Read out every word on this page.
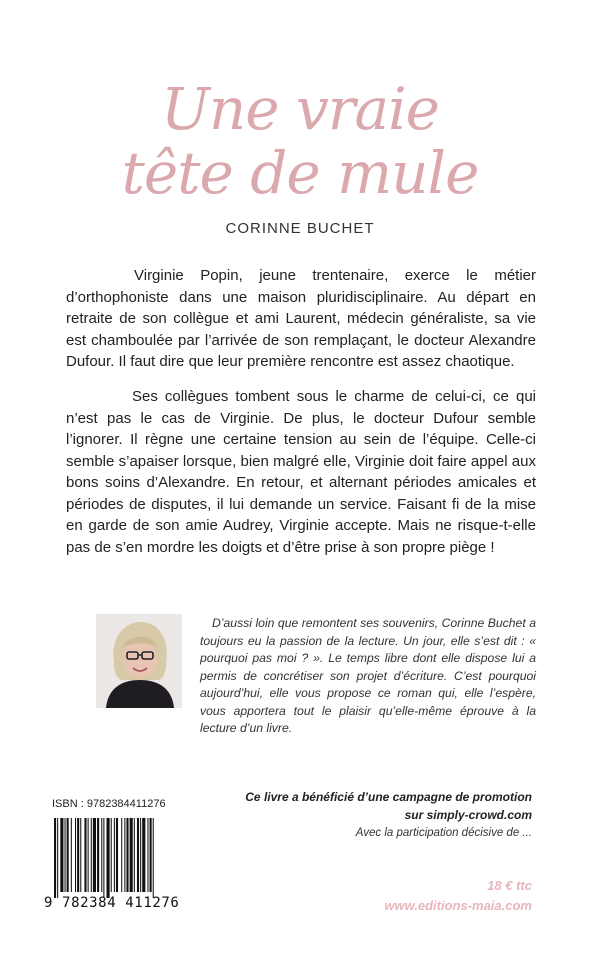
Une vraie
tête de mule
CORINNE BUCHET

Virginie Popin, jeune trentenaire, exerce le métier d’orthophoniste dans une maison pluridisciplinaire. Au départ en retraite de son collègue et ami Laurent, médecin généraliste, sa vie est chamboulée par l’arrivée de son remplaçant, le docteur Alexandre Dufour. Il faut dire que leur première rencontre est assez chaotique.

Ses collègues tombent sous le charme de celui-ci, ce qui n’est pas le cas de Virginie. De plus, le docteur Dufour semble l’ignorer. Il règne une certaine tension au sein de l’équipe. Celle-ci semble s’apaiser lorsque, bien malgré elle, Virginie doit faire appel aux bons soins d’Alexandre. En retour, et alternant périodes amicales et périodes de disputes, il lui demande un service. Faisant fi de la mise en garde de son amie Audrey, Virginie accepte. Mais ne risque-t-elle pas de s’en mordre les doigts et d’être prise à son propre piège !

D’aussi loin que remontent ses souvenirs, Corinne Buchet a toujours eu la passion de la lecture. Un jour, elle s’est dit : « pourquoi pas moi ? ». Le temps libre dont elle dispose lui a permis de concrétiser son projet d’écriture. C’est pourquoi aujourd’hui, elle vous propose ce roman qui, elle l’espère, vous apportera tout le plaisir qu’elle-même éprouve à la lecture d’un livre.

Ce livre a bénéficié d’une campagne de promotion
sur simply-crowd.com
Avec la participation décisive de ...
ISBN : 9782384411276
9 782384 411276
18 € ttc
www.editions-maia.com
